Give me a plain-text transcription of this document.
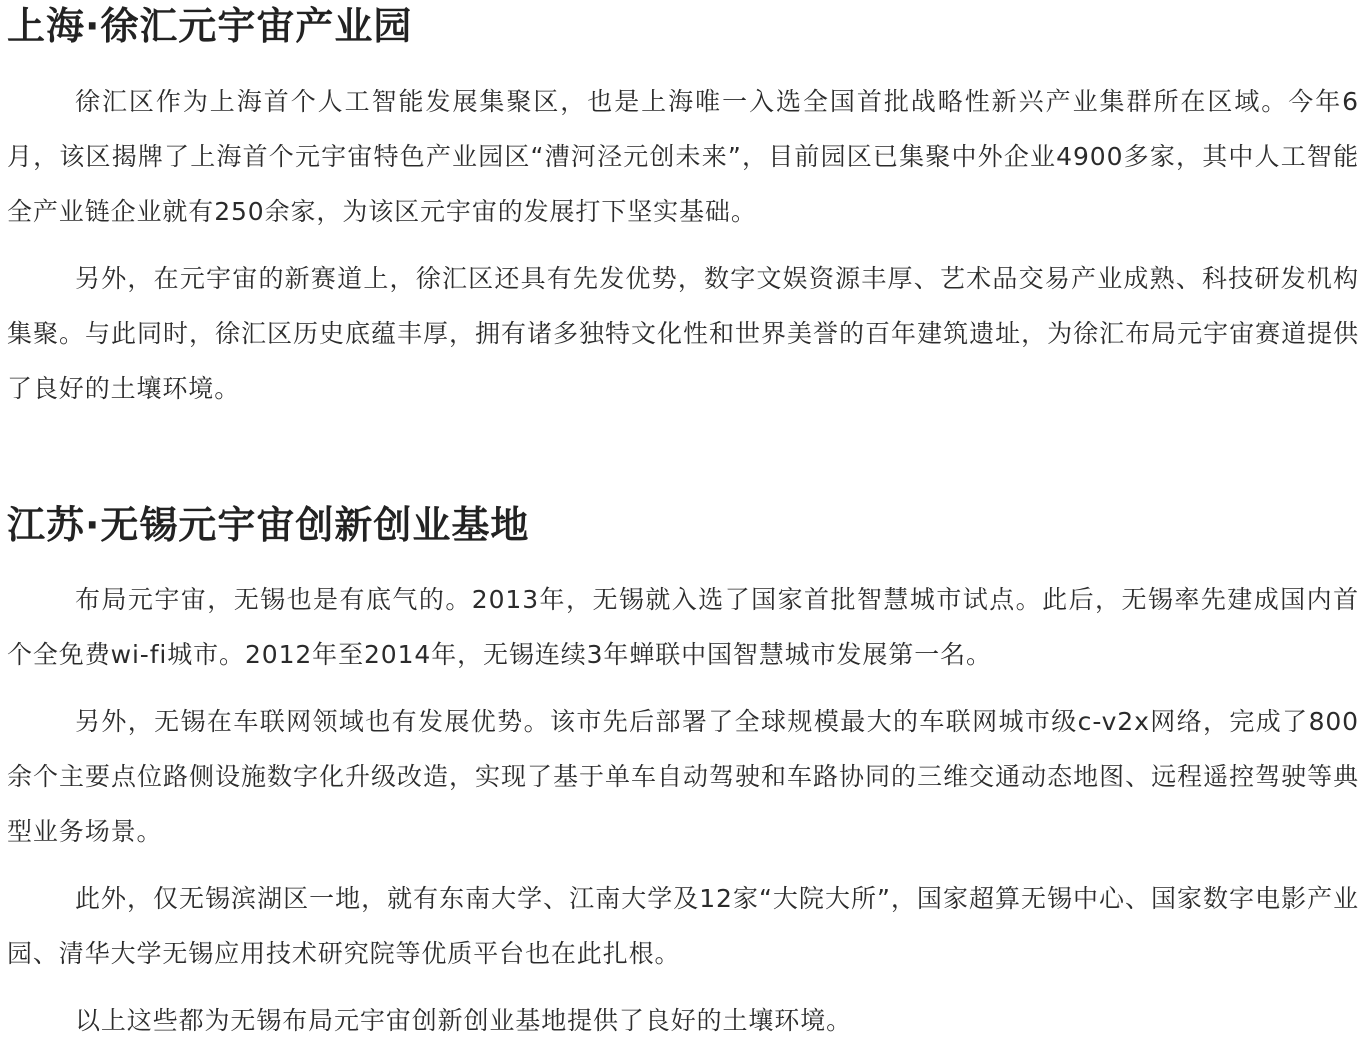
上海·徐汇元宇宙产业园

徐汇区作为上海首个人工智能发展集聚区，也是上海唯一入选全国首批战略性新兴产业集群所在区域。今年6月，该区揭牌了上海首个元宇宙特色产业园区“漕河泾元创未来”，目前园区已集聚中外企业4900多家，其中人工智能全产业链企业就有250余家，为该区元宇宙的发展打下坚实基础。

另外，在元宇宙的新赛道上，徐汇区还具有先发优势，数字文娱资源丰厚、艺术品交易产业成熟、科技研发机构集聚。与此同时，徐汇区历史底蕴丰厚，拥有诸多独特文化性和世界美誉的百年建筑遗址，为徐汇布局元宇宙赛道提供了良好的土壤环境。

江苏·无锡元宇宙创新创业基地

布局元宇宙，无锡也是有底气的。2013年，无锡就入选了国家首批智慧城市试点。此后，无锡率先建成国内首个全免费wi-fi城市。2012年至2014年，无锡连续3年蝉联中国智慧城市发展第一名。

另外，无锡在车联网领域也有发展优势。该市先后部署了全球规模最大的车联网城市级c-v2x网络，完成了800余个主要点位路侧设施数字化升级改造，实现了基于单车自动驾驶和车路协同的三维交通动态地图、远程遥控驾驶等典型业务场景。

此外，仅无锡滨湖区一地，就有东南大学、江南大学及12家“大院大所”，国家超算无锡中心、国家数字电影产业园、清华大学无锡应用技术研究院等优质平台也在此扎根。

以上这些都为无锡布局元宇宙创新创业基地提供了良好的土壤环境。
